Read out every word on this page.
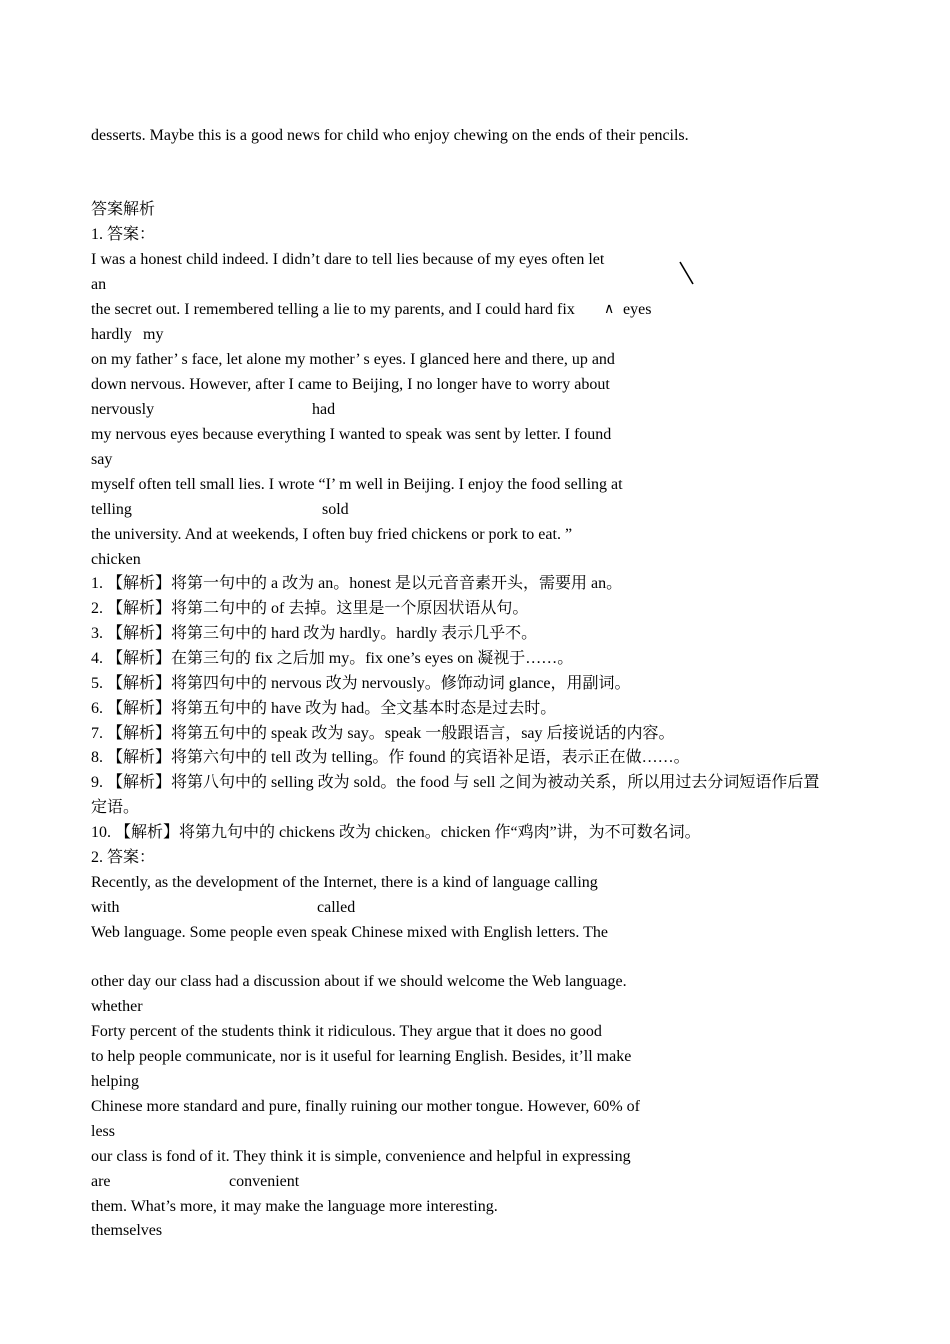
desserts. Maybe this is a good news for child who enjoy chewing on the ends of their pencils.
答案解析
1. 答案：
I was a honest child indeed. I didn’t dare to tell lies because of my eyes often let
an
the secret out. I remembered telling a lie to my parents, and I could hard fix ∧ eyes
hardly my
on my father’ s face, let alone my mother’ s eyes. I glanced here and there, up and
down nervous. However, after I came to Beijing, I no longer have to worry about
nervously	had
my nervous eyes because everything I wanted to speak was sent by letter. I found
say
myself often tell small lies. I wrote “I’ m well in Beijing. I enjoy the food selling at
telling	sold
the university. And at weekends, I often buy fried chickens or pork to eat. ”
chicken
1. 【解析】将第一句中的 a 改为 an。honest 是以元音音素开头，需要用 an。
2. 【解析】将第二句中的 of 去掉。这里是一个原因状语从句。
3. 【解析】将第三句中的 hard 改为 hardly。hardly 表示几乎不。
4. 【解析】在第三句的 fix 之后加 my。fix one’s eyes on 凝视于……。
5. 【解析】将第四句中的 nervous 改为 nervously。修饰动词 glance，用副词。
6. 【解析】将第五句中的 have 改为 had。全文基本时态是过去时。
7. 【解析】将第五句中的 speak 改为 say。speak 一般跟语言，say 后接说话的内容。
8. 【解析】将第六句中的 tell 改为 telling。作 found 的宾语补足语，表示正在做……。
9. 【解析】将第八句中的 selling 改为 sold。the food 与 sell 之间为被动关系，所以用过去分词短语作后置
定语。
10. 【解析】将第九句中的 chickens 改为 chicken。chicken 作“鸡肉”讲，为不可数名词。
2. 答案：
Recently, as the development of the Internet, there is a kind of language calling
with	called
Web language. Some people even speak Chinese mixed with English letters. The
other day our class had a discussion about if we should welcome the Web language.
whether
Forty percent of the students think it ridiculous. They argue that it does no good
to help people communicate, nor is it useful for learning English. Besides, it’ll make
helping
Chinese more standard and pure, finally ruining our mother tongue. However, 60% of
less
our class is fond of it. They think it is simple, convenience and helpful in expressing
are	convenient
them. What’s more, it may make the language more interesting.
themselves
